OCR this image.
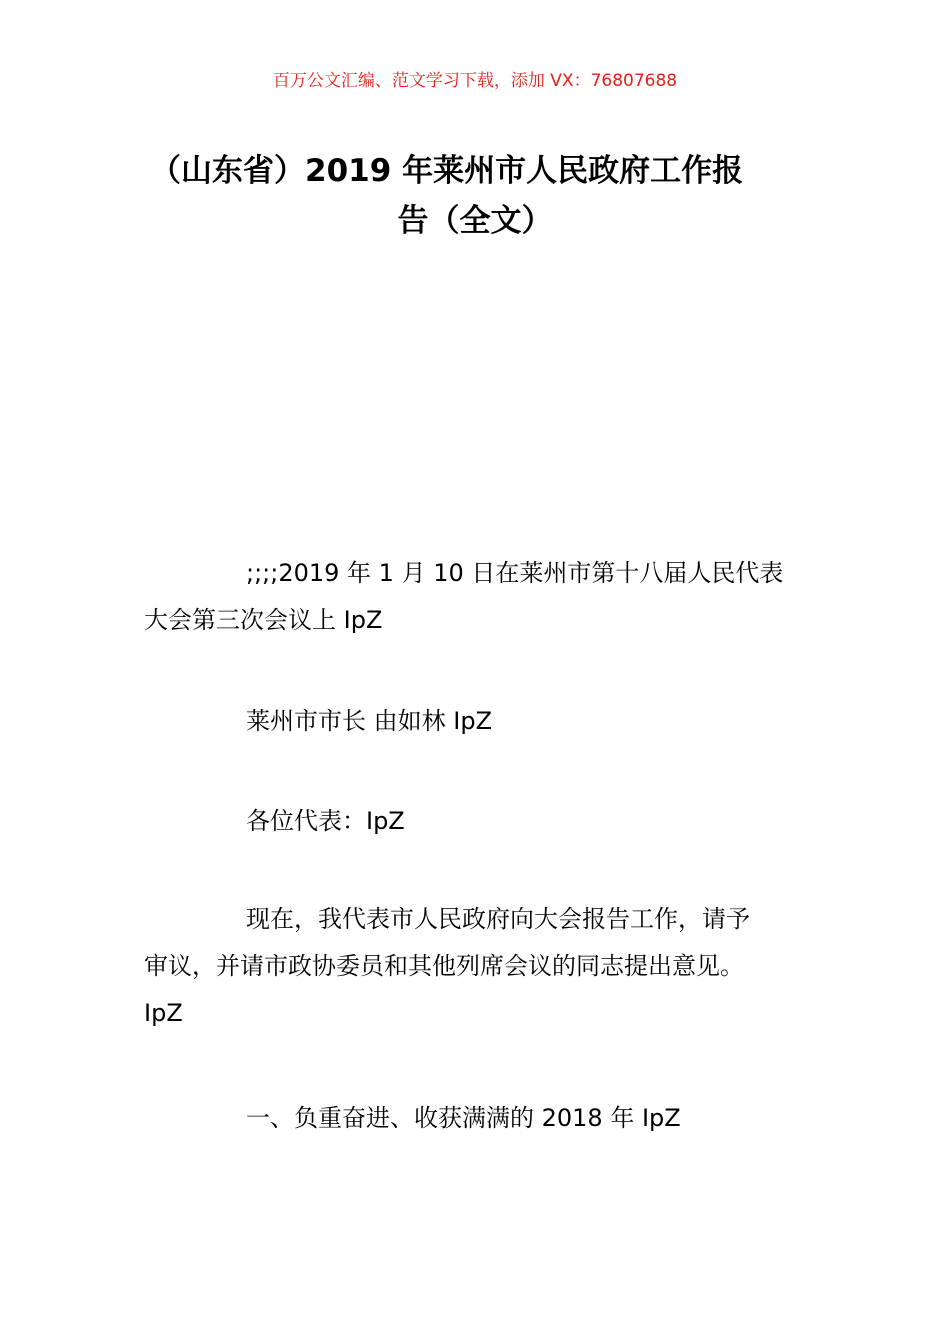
百万公文汇编、范文学习下载，添加 VX：76807688
（山东省）2019 年莱州市人民政府工作报
告（全文）
;;;;2019 年 1 月 10 日在莱州市第十八届人民代表
大会第三次会议上 IpZ
莱州市市长 由如林 IpZ
各位代表：IpZ
现在，我代表市人民政府向大会报告工作，请予
审议，并请市政协委员和其他列席会议的同志提出意见。
IpZ
一、负重奋进、收获满满的 2018 年 IpZ
